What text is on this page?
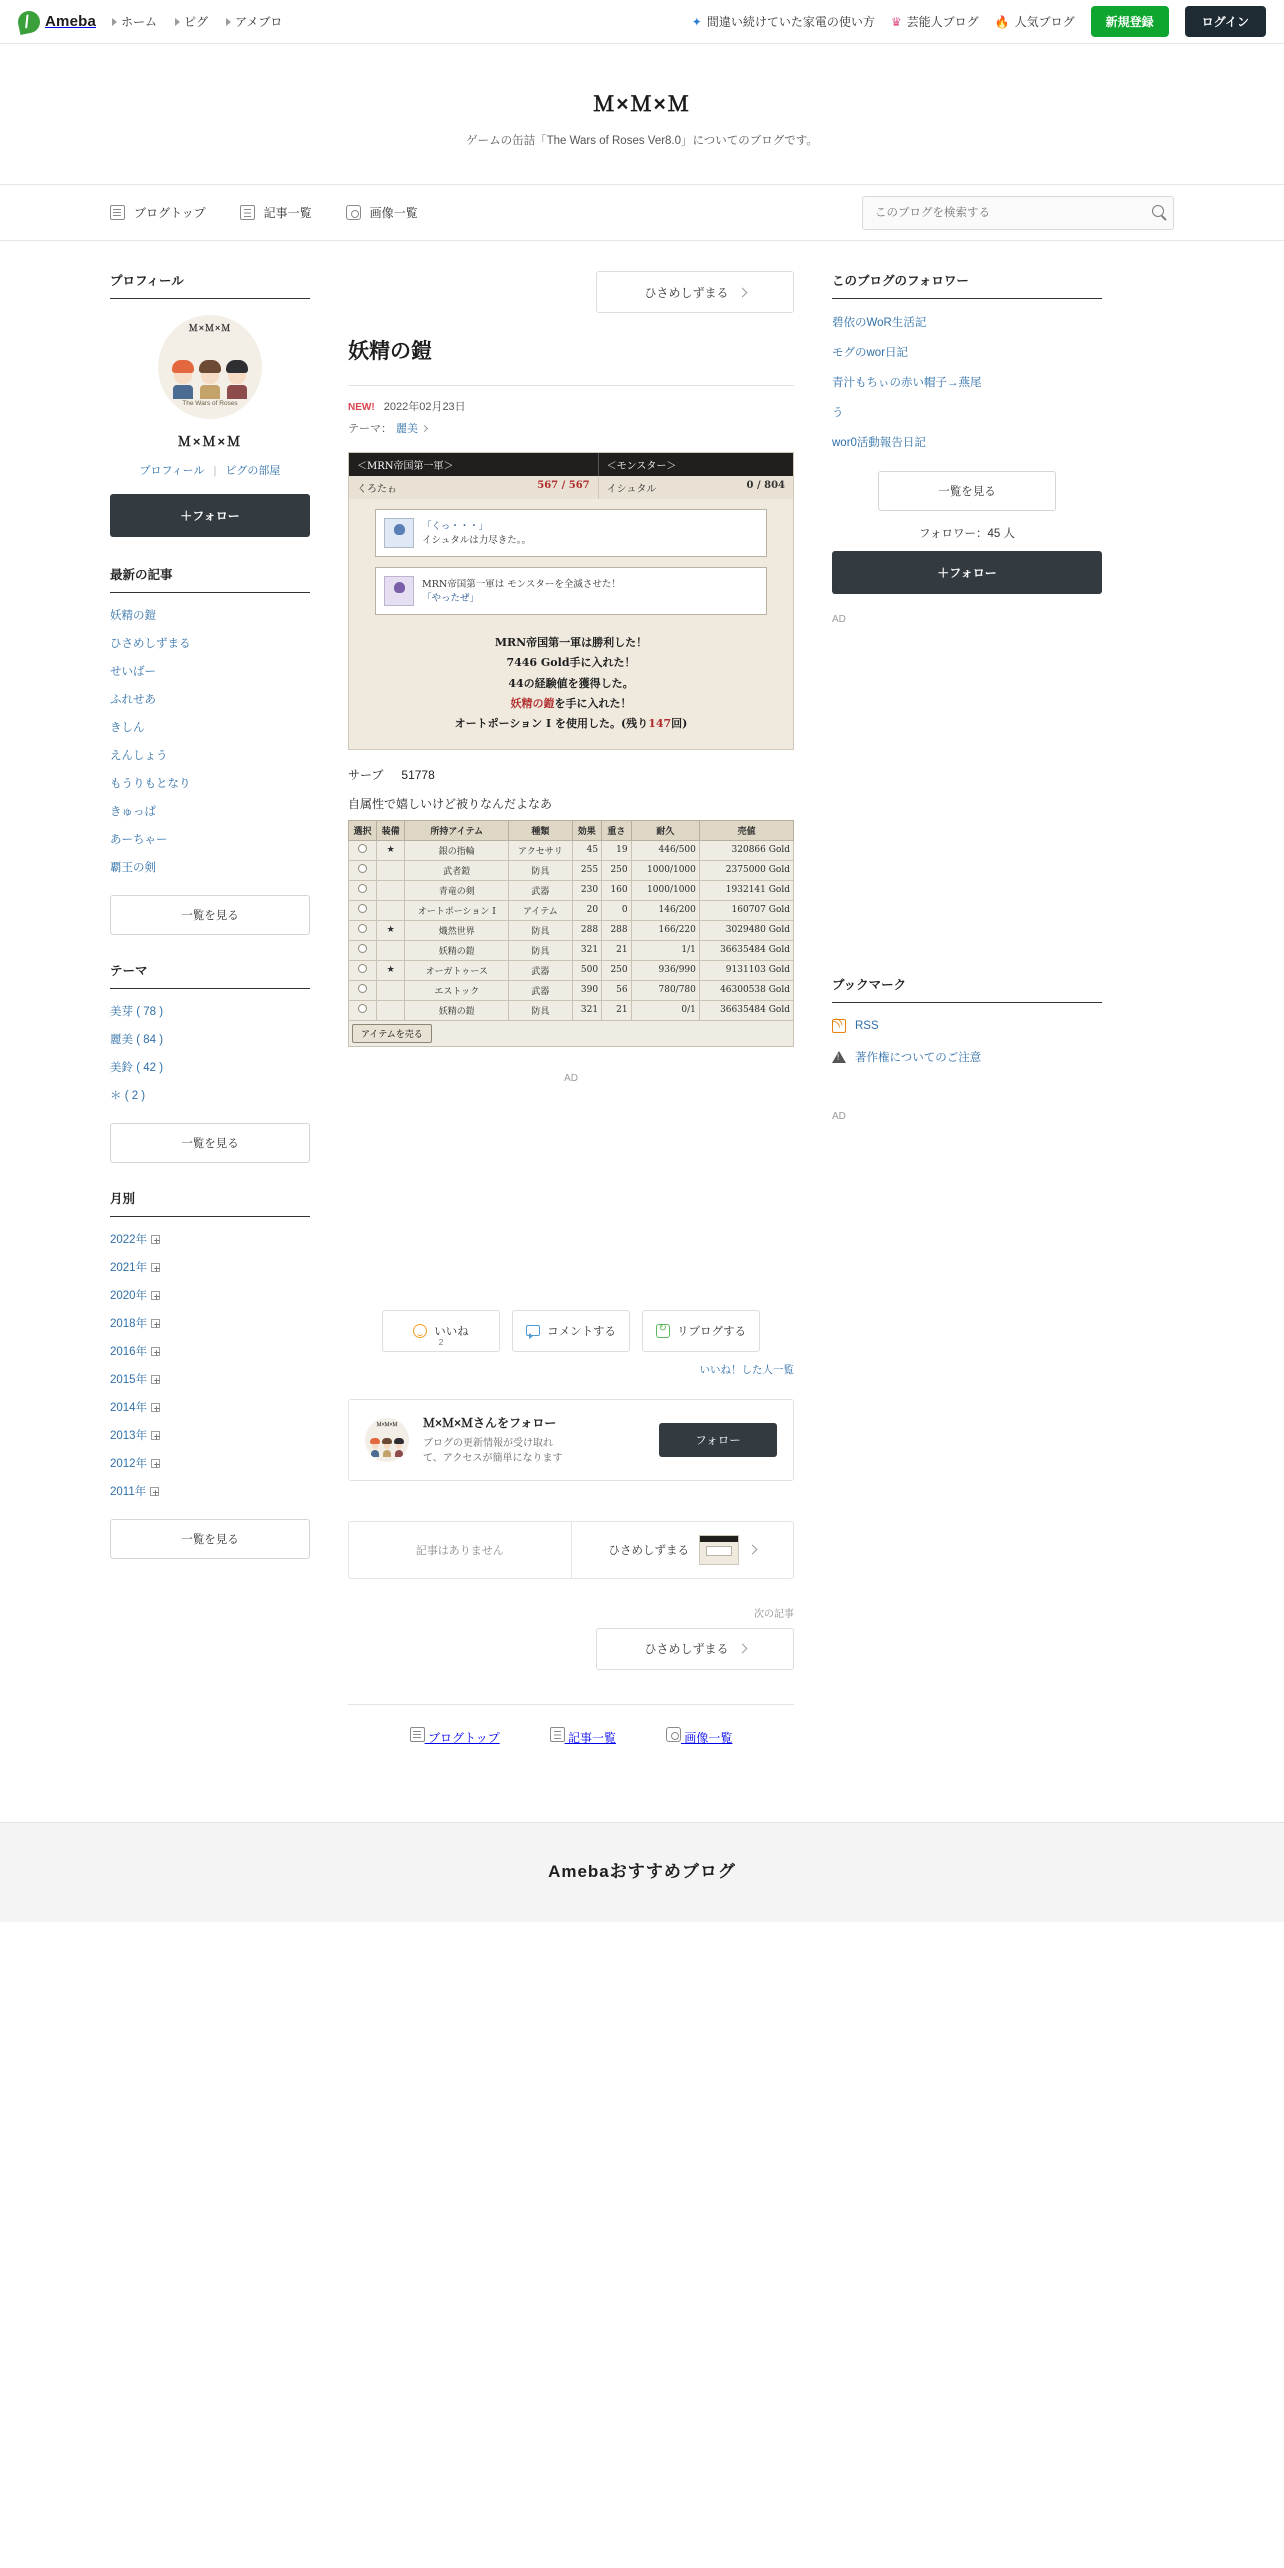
Ameba ホーム ピグ アメブロ	✦ 間違い続けていた家電の使い方 ♛ 芸能人ブログ 🔥 人気ブログ	新規登録	ログイン
Ｍ×Ｍ×Ｍ
ゲームの缶詰「The Wars of Roses Ver8.0」についてのブログです。
ブログトップ	記事一覧	画像一覧
このブログを検索する
プロフィール
Ｍ×Ｍ×Ｍ
The Wars of Roses
Ｍ×Ｍ×Ｍ
プロフィール | ピグの部屋
＋フォロー
最新の記事
妖精の鎧
ひさめしずまる
せいばー
ふれせあ
きしん
えんしょう
もうりもとなり
きゅっぱ
あーちゃー
覇王の剣
一覧を見る
テーマ
美芽 ( 78 )
麗美 ( 84 )
美鈴 ( 42 )
＊ ( 2 )
一覧を見る
月別
2022年
2021年
2020年
2018年
2016年
2015年
2014年
2013年
2012年
2011年
一覧を見る
ひさめしずまる
妖精の鎧
NEW! 2022年02月23日
テーマ： 麗美
＜MRN帝国第一軍＞	＜モンスター＞
くろたゎ	567 / 567 イシュタル	0 / 804
「くっ・・・」
イシュタルは力尽きた。。
MRN帝国第一軍は モンスターを全滅させた！
「やったぜ」
MRN帝国第一軍は勝利した！
7446 Gold手に入れた！
44の経験値を獲得した。
妖精の鎧を手に入れた！
オートポーション I を使用した。(残り147回)
サーブ 51778
自属性で嬉しいけど被りなんだよなあ
選択	装備	所持アイテム	種類	効果	重さ	耐久	売値
	★	銀の指輪	アクセサリ	45	19	446/500	320866 Gold
		武者鎧	防具	255	250	1000/1000	2375000 Gold
		青竜の剣	武器	230	160	1000/1000	1932141 Gold
		オートポーション I	アイテム	20	0	146/200	160707 Gold
	★	熾然世界	防具	288	288	166/220	3029480 Gold
		妖精の鎧	防具	321	21	1/1	36635484 Gold
	★	オーガトゥース	武器	500	250	936/990	9131103 Gold
		エストック	武器	390	56	780/780	46300538 Gold
		妖精の鎧	防具	321	21	0/1	36635484 Gold
アイテムを売る							
AD
いいね
2
コメントする ↻	リブログする
いいね！した人一覧
Ｍ×Ｍ×Ｍ	Ｍ×Ｍ×Ｍさんをフォロー
ブログの更新情報が受け取れ
て、アクセスが簡単になります
フォロー
記事はありません	ひさめしずまる
次の記事
ひさめしずまる
ブログトップ	記事一覧	画像一覧
このブログのフォロワー
碧依のWoR生活記
モグのwor日記
青汁もちぃの赤い帽子→燕尾
う
wor0活動報告日記
一覧を見る
フォロワー：45 人
＋フォロー
AD
ブックマーク
))
RSS
!
著作権についてのご注意
AD
Amebaおすすめブログ
